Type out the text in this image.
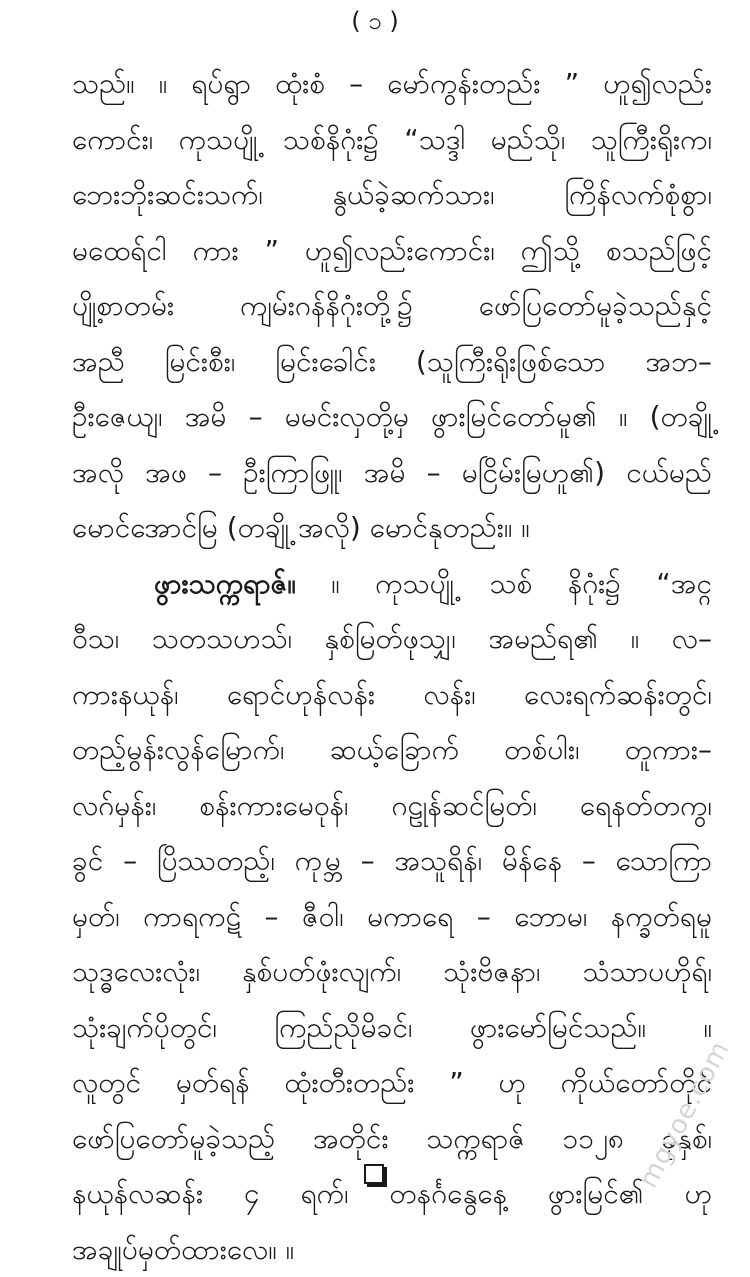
( ၁ )
သည်။ ။ ရပ်ရွာ ထုံးစံ – မော်ကွန်းတည်း ” ဟူ၍လည်း
ကောင်း၊ ကုသပျို့ သစ်နိဂုံး၌ “သဒ္ဒါ မည်သို၊ သူကြီးရိုးက၊
ဘေးဘိုးဆင်းသက်၊ နွယ်ခဲ့ဆက်သား၊ ကြိန်လက်စုံစွာ၊
မထေရ်ငါ ကား ” ဟူ၍လည်းကောင်း၊ ဤသို့ စသည်ဖြင့်
ပျို့စာတမ်း ကျမ်းဂန်နိဂုံးတို့၌ ဖော်ပြတော်မူခဲ့သည်နှင့်
အညီ မြင်းစီး၊ မြင်းခေါင်း (သူကြီးရိုးဖြစ်သော အဘ–
ဦးဇေယျ၊ အမိ – မမင်းလှတို့မှ ဖွားမြင်တော်မူ၏ ။ (တချို့
အလို အဖ – ဦးကြာဖြူ၊ အမိ – မငြိမ်းမြဟူ၏) ငယ်မည်
မောင်အောင်မြ (တချို့ အလို) မောင်နုတည်း။ ။
ဖွားသက္ကရာဇ်။ ။ ကုသပျို့ သစ် နိဂုံး၌ “အင္ဂ
ဝီသ၊ သတသဟသ်၊ နှစ်မြတ်ဖုသျှ၊ အမည်ရ၏ ။ လ–
ကားနယုန်၊ ရောင်ဟုန်လန်း လန်း၊ လေးရက်ဆန်းတွင်၊
တည့်မွန်းလွန်မြောက်၊ ဆယ့်ခြောက် တစ်ပါး၊ တူကား–
လဂ်မှန်း၊ စန်းကားမေဝုန်၊ ဂဠုန်ဆင်မြတ်၊ ရေနတ်တကွ၊
ခွင် – ပြိဿတည့်၊ ကုမ္ဘ – အသူရိန်၊ မိန်နေ – သောကြာ
မှတ်၊ ကာရကဋ် – ဇီဝါ၊ မကာရေ – ဘောမ၊ နက္ခတ်ရမူ
သုဒ္ဓလေးလုံး၊ နှစ်ပတ်ဖုံးလျက်၊ သုံးဗိဇနာ၊ သံသာပဟိုရ်၊
သုံးချက်ပိုတွင်၊ ကြည်ညိုမိခင်၊ ဖွားမော်မြင်သည်။ ။
လူတွင် မှတ်ရန် ထုံးတီးတည်း ” ဟု ကိုယ်တော်တိုင်
ဖော်ပြတော်မူခဲ့သည့် အတိုင်း သက္ကရာဇ် ၁၁၂၈ ခုနှစ်၊
နယုန်လဆန်း ၄ ရက်၊ တနင်္ဂနွေနေ့ ဖွားမြင်၏ ဟု
အချုပ်မှတ်ထားလေ။ ။
mgyoe.com
